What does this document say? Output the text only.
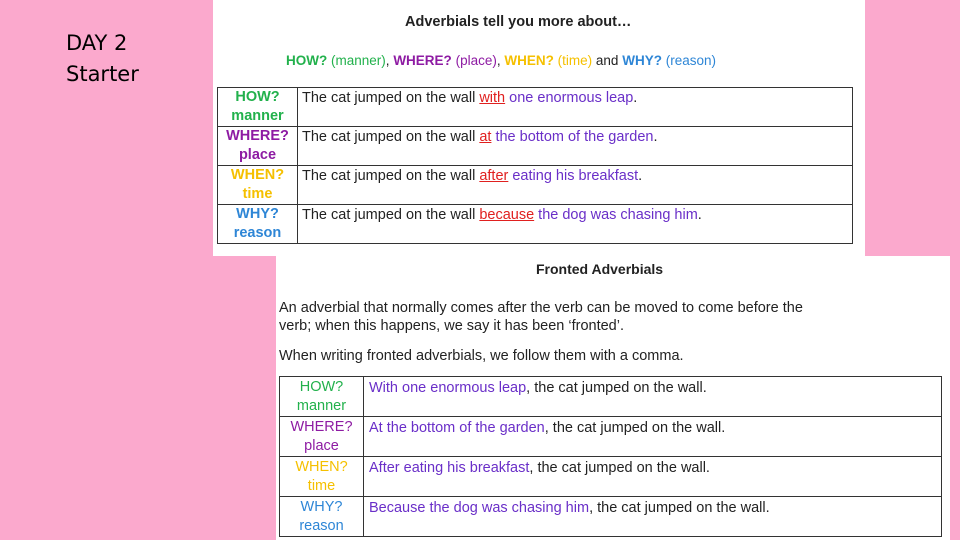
DAY 2
Starter
Adverbials tell you more about…
HOW? (manner), WHERE? (place), WHEN? (time) and WHY? (reason)
HOW?
manner	The cat jumped on the wall with one enormous leap.

WHERE?
place	The cat jumped on the wall at the bottom of the garden.

WHEN?
time	The cat jumped on the wall after eating his breakfast.

WHY?
reason	The cat jumped on the wall because the dog was chasing him.
Fronted Adverbials
An adverbial that normally comes after the verb can be moved to come before the
verb; when this happens, we say it has been ‘fronted’.
When writing fronted adverbials, we follow them with a comma.
HOW?
manner	With one enormous leap, the cat jumped on the wall.

WHERE?
place	At the bottom of the garden, the cat jumped on the wall.

WHEN?
time	After eating his breakfast, the cat jumped on the wall.

WHY?
reason	Because the dog was chasing him, the cat jumped on the wall.
